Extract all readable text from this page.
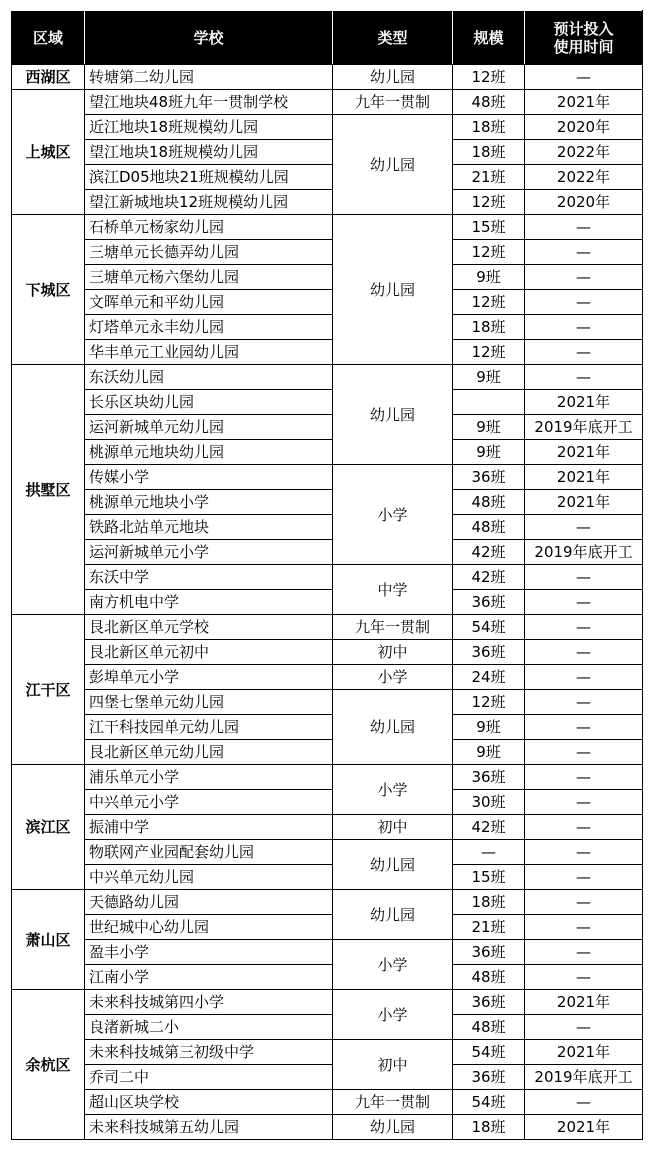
区域	学校	类型	规模	预计投入
使用时间

西湖区	转塘第二幼儿园	幼儿园	12班	—
上城区	望江地块48班九年一贯制学校	九年一贯制	48班	2021年
	近江地块18班规模幼儿园	幼儿园	18班	2020年
	望江地块18班规模幼儿园		18班	2022年
	滨江D05地块21班规模幼儿园		21班	2022年
	望江新城地块12班规模幼儿园		12班	2020年
下城区	石桥单元杨家幼儿园	幼儿园	15班	—
	三塘单元长德弄幼儿园		12班	—
	三塘单元杨六堡幼儿园		9班	—
	文晖单元和平幼儿园		12班	—
	灯塔单元永丰幼儿园		18班	—
	华丰单元工业园幼儿园		12班	—
拱墅区	东沃幼儿园	幼儿园	9班	—
	长乐区块幼儿园			2021年
	运河新城单元幼儿园		9班	2019年底开工
	桃源单元地块幼儿园		9班	2021年
	传媒小学	小学	36班	2021年
	桃源单元地块小学		48班	2021年
	铁路北站单元地块		48班	—
	运河新城单元小学		42班	2019年底开工
	东沃中学	中学	42班	—
	南方机电中学		36班	—
江干区	艮北新区单元学校	九年一贯制	54班	—
	艮北新区单元初中	初中	36班	—
	彭埠单元小学	小学	24班	—
	四堡七堡单元幼儿园	幼儿园	12班	—
	江干科技园单元幼儿园		9班	—
	艮北新区单元幼儿园		9班	—
滨江区	浦乐单元小学	小学	36班	—
	中兴单元小学		30班	—
	振浦中学	初中	42班	—
	物联网产业园配套幼儿园	幼儿园	—	—
	中兴单元幼儿园		15班	—
萧山区	天德路幼儿园	幼儿园	18班	—
	世纪城中心幼儿园		21班	—
	盈丰小学	小学	36班	—
	江南小学		48班	—
余杭区	未来科技城第四小学	小学	36班	2021年
	良渚新城二小		48班	—
	未来科技城第三初级中学	初中	54班	2021年
	乔司二中		36班	2019年底开工
	超山区块学校	九年一贯制	54班	—
	未来科技城第五幼儿园	幼儿园	18班	2021年
